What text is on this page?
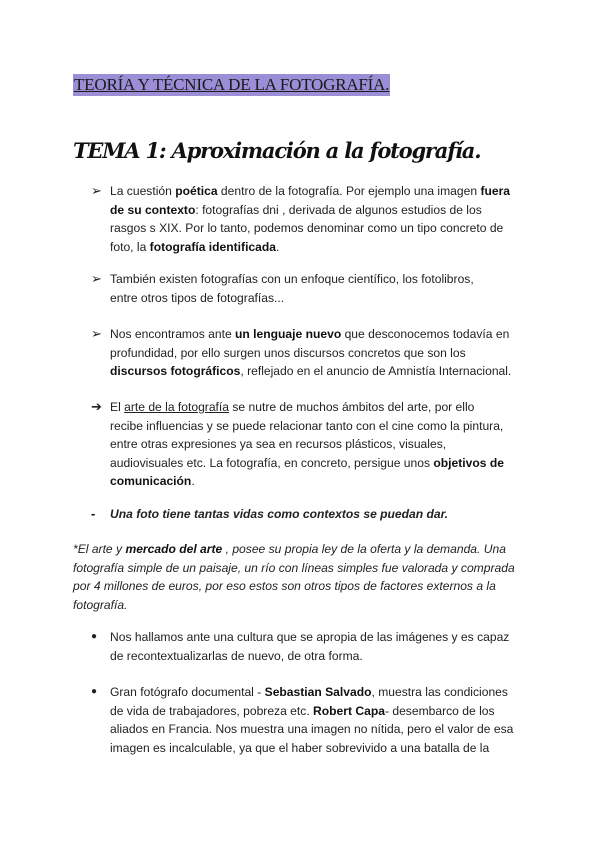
TEORÍA Y TÉCNICA DE LA FOTOGRAFÍA.
TEMA 1: Aproximación a la fotografía.
➢ La cuestión poética dentro de la fotografía. Por ejemplo una imagen fuera
de su contexto: fotografías dni , derivada de algunos estudios de los
rasgos s XIX. Por lo tanto, podemos denominar como un tipo concreto de
foto, la fotografía identificada.
➢ También existen fotografías con un enfoque científico, los fotolibros,
entre otros tipos de fotografías...
➢ Nos encontramos ante un lenguaje nuevo que desconocemos todavía en
profundidad, por ello surgen unos discursos concretos que son los
discursos fotográficos, reflejado en el anuncio de Amnistía Internacional.
➔ El arte de la fotografía se nutre de muchos ámbitos del arte, por ello
recibe influencias y se puede relacionar tanto con el cine como la pintura,
entre otras expresiones ya sea en recursos plásticos, visuales,
audiovisuales etc. La fotografía, en concreto, persigue unos objetivos de
comunicación.
- Una foto tiene tantas vidas como contextos se puedan dar.
*El arte y mercado del arte , posee su propia ley de la oferta y la demanda. Una
fotografía simple de un paisaje, un río con líneas simples fue valorada y comprada
por 4 millones de euros, por eso estos son otros tipos de factores externos a la
fotografía.
● Nos hallamos ante una cultura que se apropia de las imágenes y es capaz
de recontextualizarlas de nuevo, de otra forma.
● Gran fotógrafo documental - Sebastian Salvado, muestra las condiciones
de vida de trabajadores, pobreza etc. Robert Capa- desembarco de los
aliados en Francia. Nos muestra una imagen no nítida, pero el valor de esa
imagen es incalculable, ya que el haber sobrevivido a una batalla de la
